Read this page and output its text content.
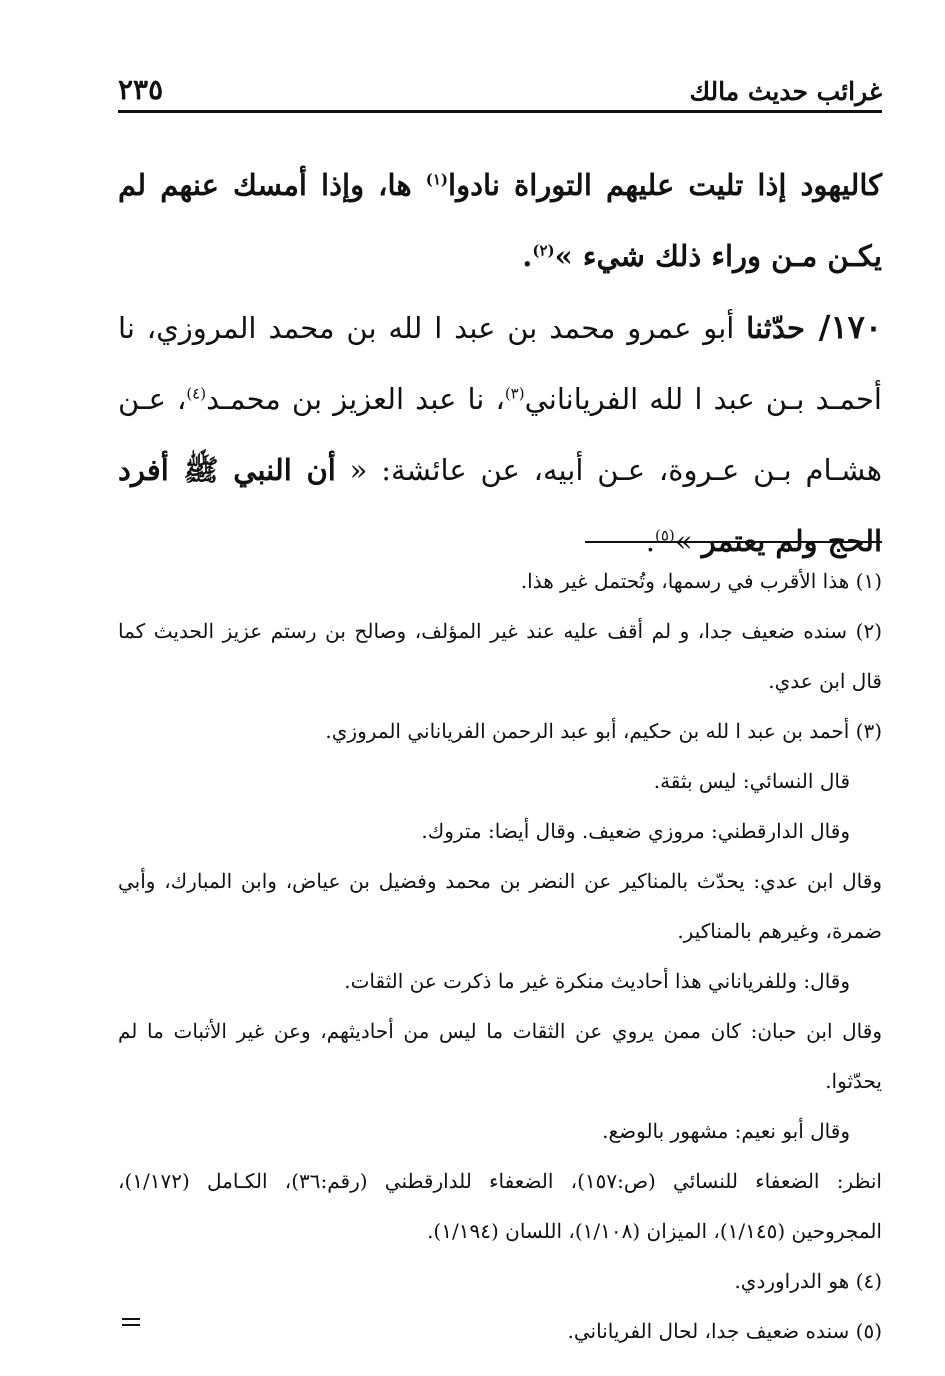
غرائب حديث مالك
٢٣٥

كاليهود إذا تليت عليهم التوراة نادوا$^{(١)}$ ها، وإذا أمسك عنهم لم يكـن مـن وراء ذلك شيء »$^{(٢)}$.

١٧٠/ حدّثنا أبو عمرو محمد بن عبد ا لله بن محمد المروزي، نا أحمـد بـن عبد ا لله الفرياناني$^{(٣)}$، نا عبد العزيز بن محمـد$^{(٤)}$، عـن هشـام بـن عـروة، عـن أبيه، عن عائشة: « أن النبي ﷺ أفرد الحج ولم يعتمر »$^{(٥)}$.

(١) هذا الأقرب في رسمها، وتُحتمل غير هذا.

(٢) سنده ضعيف جدا، و لم أقف عليه عند غير المؤلف، وصالح بن رستم عزيز الحديث كما قال ابن عدي.

(٣) أحمد بن عبد ا لله بن حكيم، أبو عبد الرحمن الفرياناني المروزي.

قال النسائي: ليس بثقة.

وقال الدارقطني: مروزي ضعيف. وقال أيضا: متروك.

وقال ابن عدي: يحدّث بالمناكير عن النضر بن محمد وفضيل بن عياض، وابن المبارك، وأبي ضمرة، وغيرهم بالمناكير.

وقال: وللفرياناني هذا أحاديث منكرة غير ما ذكرت عن الثقات.

وقال ابن حبان: كان ممن يروي عن الثقات ما ليس من أحاديثهم، وعن غير الأثبات ما لم يحدّثوا.

وقال أبو نعيم: مشهور بالوضع.

انظر: الضعفاء للنسائي (ص:١٥٧)، الضعفاء للدارقطني (رقم:٣٦)، الكـامل (١/١٧٢)، المجروحين (١/١٤٥)، الميزان (١/١٠٨)، اللسان (١/١٩٤).

(٤) هو الدراوردي.

(٥) سنده ضعيف جدا، لحال الفرياناني.
